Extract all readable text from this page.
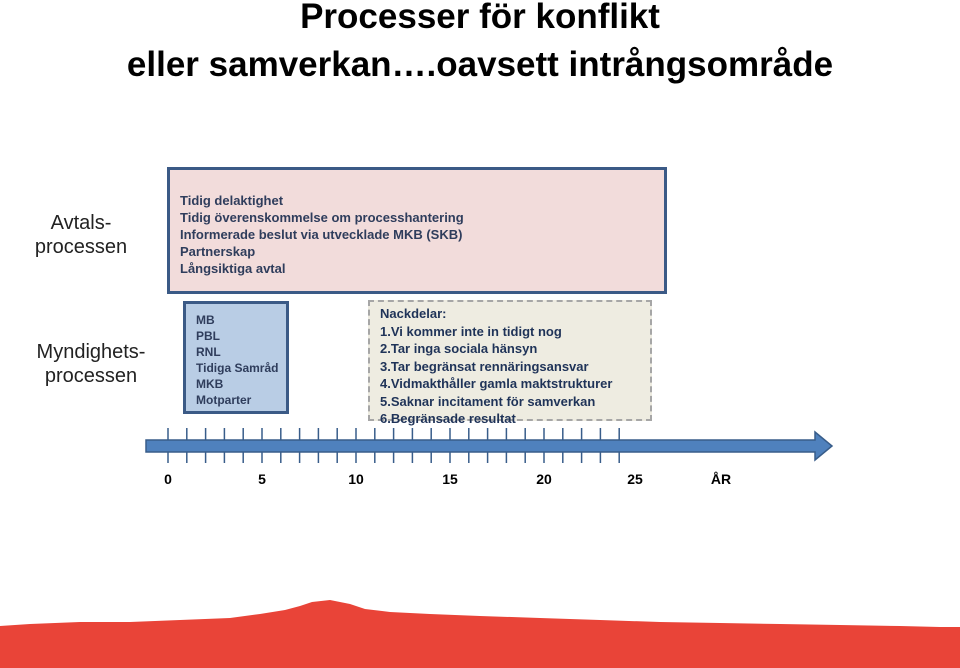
Processer för konflikt
eller samverkan….oavsett intrångsområde
Avtals-
processen
Myndighets-
processen
Tidig delaktighet
Tidig överenskommelse om processhantering
Informerade beslut via utvecklade MKB (SKB)
Partnerskap
Långsiktiga avtal
MB
PBL
RNL
Tidiga Samråd
MKB
Motparter
Nackdelar:
1.Vi kommer inte in tidigt nog
2.Tar inga sociala hänsyn
3.Tar begränsat rennäringsansvar
4.Vidmakthåller gamla maktstrukturer
5.Saknar incitament för samverkan
6.Begränsade resultat
0	5	10	15	20	25	ÅR
